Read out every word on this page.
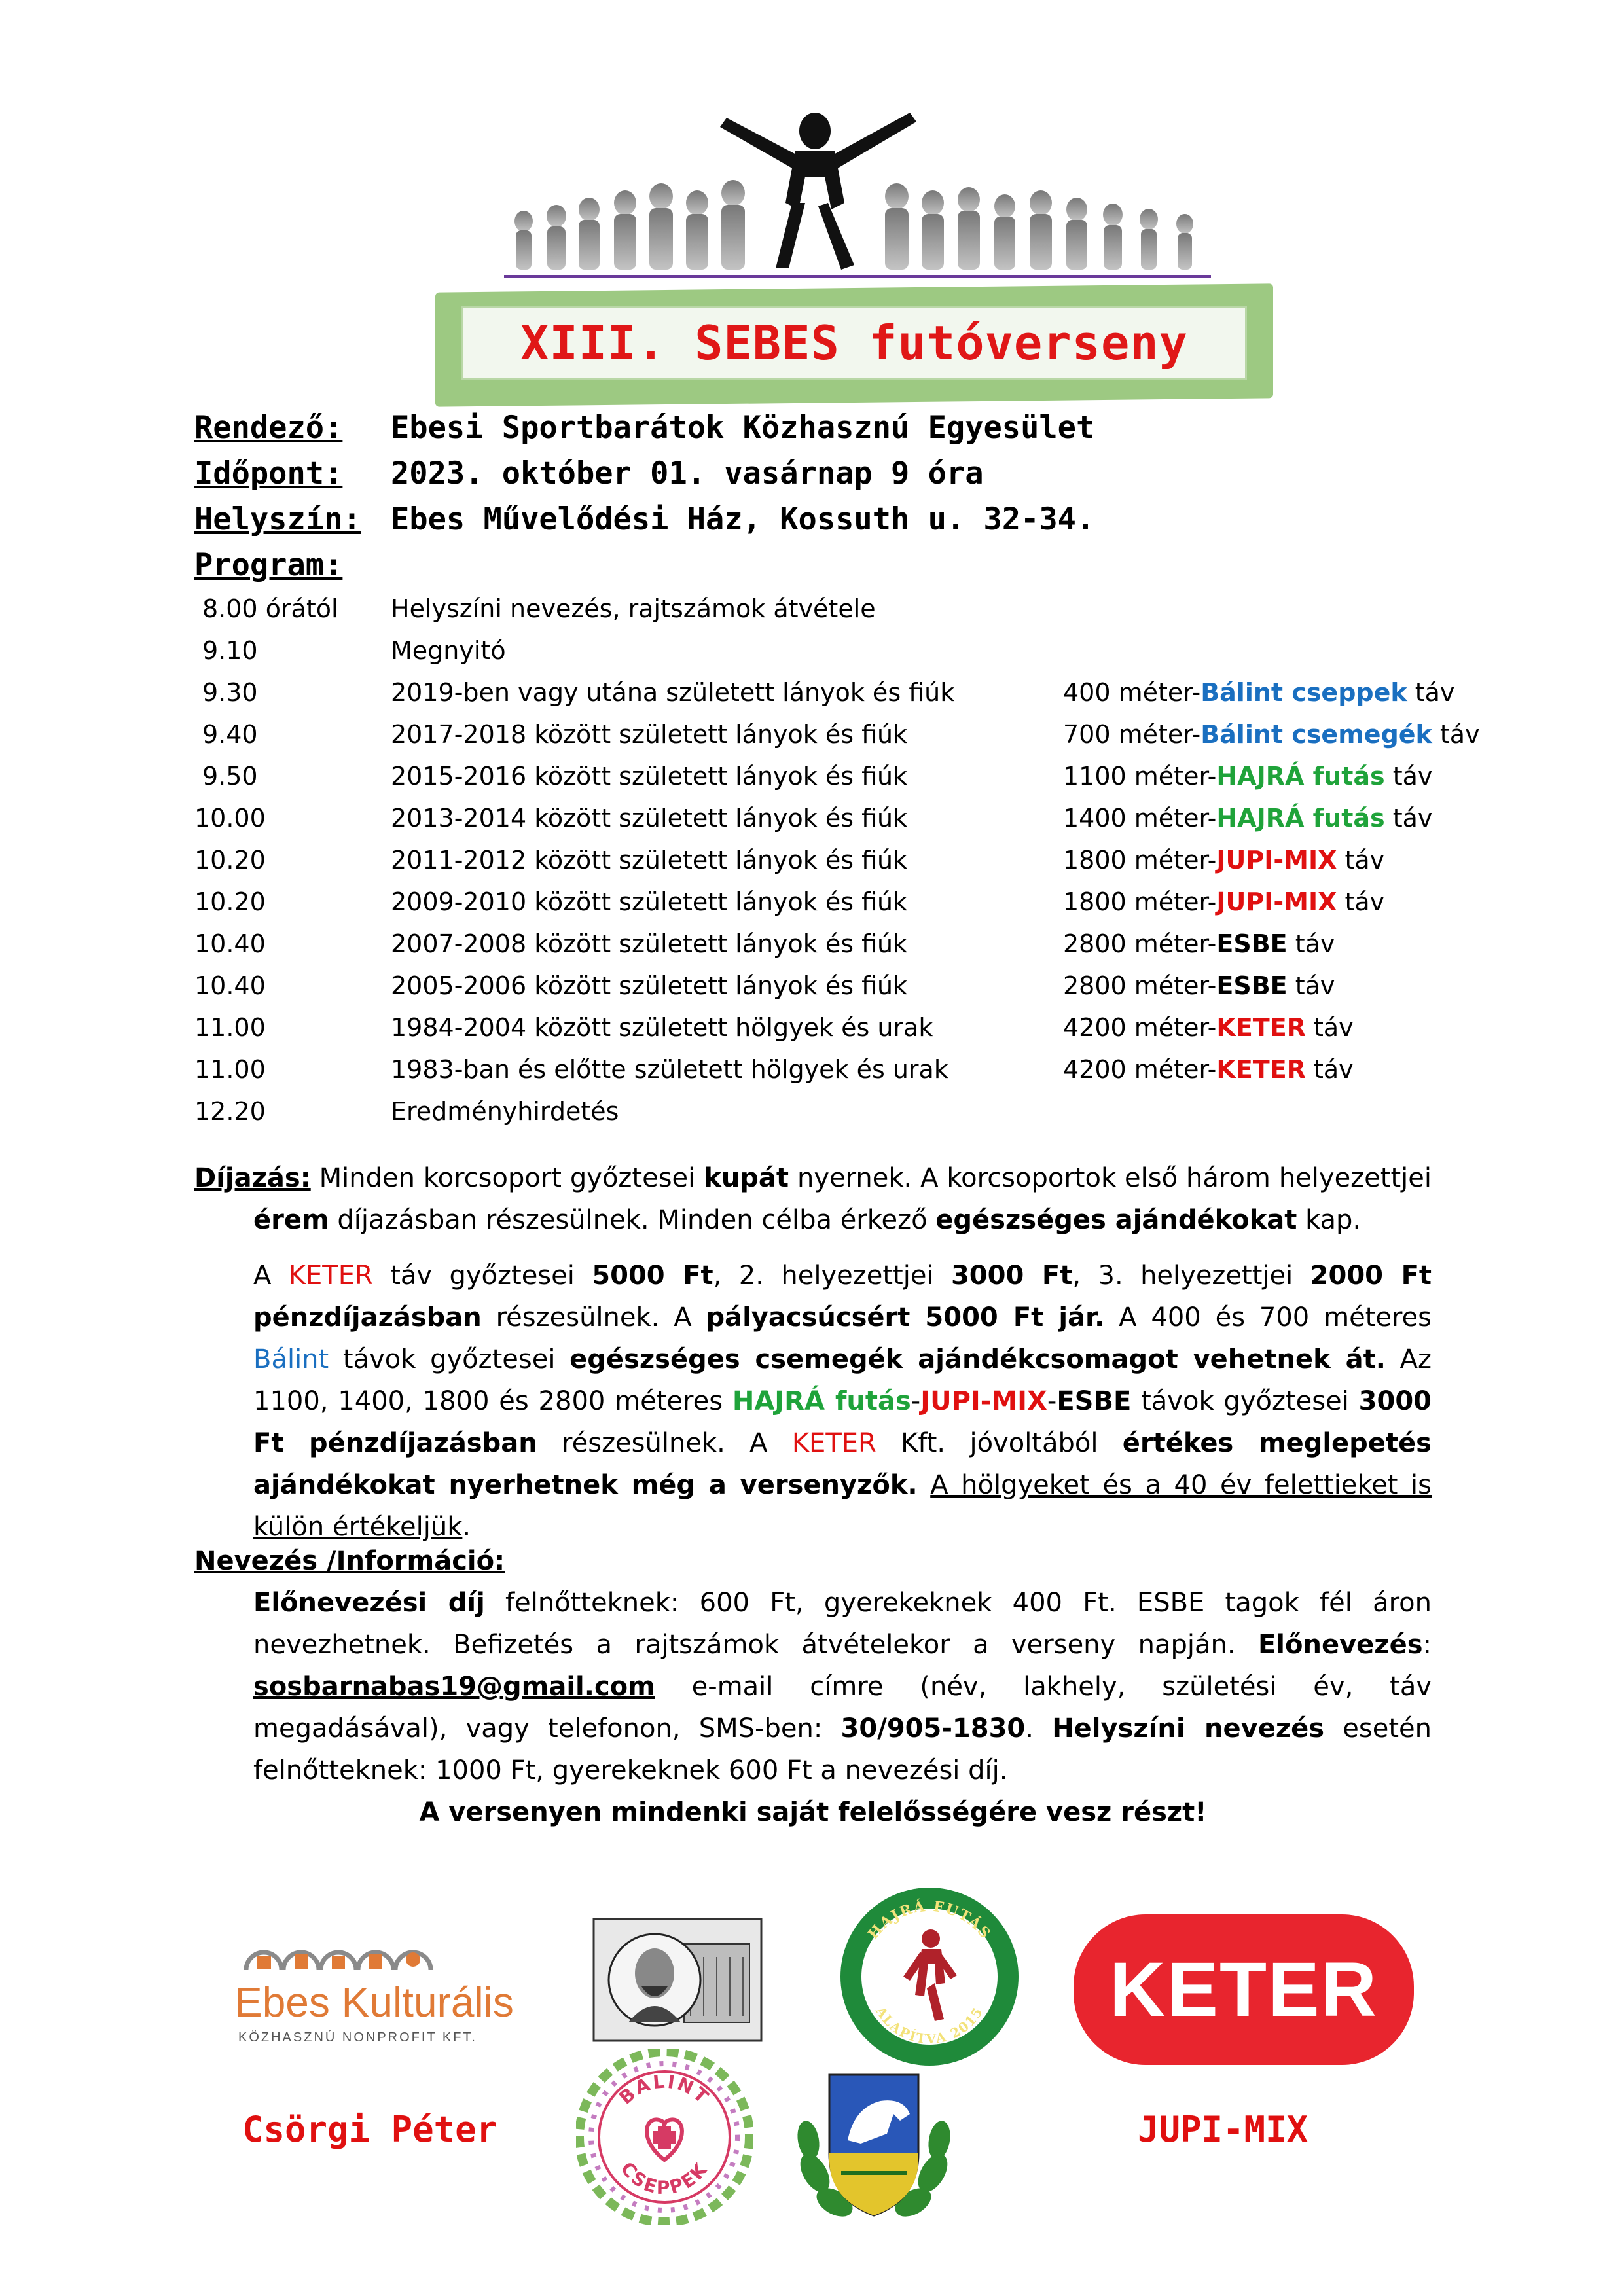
XIII. SEBES futóverseny
Rendező: Ebesi Sportbarátok Közhasznú Egyesület
Időpont: 2023. október 01. vasárnap 9 óra
Helyszín: Ebes Művelődési Ház, Kossuth u. 32-34.
Program:
8.00 órától Helyszíni nevezés, rajtszámok átvétele
9.10	Megnyitó
9.30	2019-ben vagy utána született lányok és fiúk	400 méter-Bálint cseppek táv
9.40	2017-2018 között született lányok és fiúk	700 méter-Bálint csemegék táv
9.50	2015-2016 között született lányok és fiúk	1100 méter-HAJRÁ futás táv
10.00	2013-2014 között született lányok és fiúk	1400 méter-HAJRÁ futás táv
10.20	2011-2012 között született lányok és fiúk	1800 méter-JUPI-MIX táv
10.20	2009-2010 között született lányok és fiúk	1800 méter-JUPI-MIX táv
10.40	2007-2008 között született lányok és fiúk	2800 méter-ESBE táv
10.40	2005-2006 között született lányok és fiúk	2800 méter-ESBE táv
11.00	1984-2004 között született hölgyek és urak	4200 méter-KETER táv
11.00	1983-ban és előtte született hölgyek és urak	4200 méter-KETER táv
12.20	Eredményhirdetés
Díjazás: Minden korcsoport győztesei kupát nyernek. A korcsoportok első három helyezettjei érem díjazásban részesülnek. Minden célba érkező egészséges ajándékokat kap.
A KETER táv győztesei 5000 Ft, 2. helyezettjei 3000 Ft, 3. helyezettjei 2000 Ft pénzdíjazásban részesülnek. A pályacsúcsért 5000 Ft jár. A 400 és 700 méteres Bálint távok győztesei egészséges csemegék ajándékcsomagot vehetnek át. Az 1100, 1400, 1800 és 2800 méteres HAJRÁ futás-JUPI-MIX-ESBE távok győztesei 3000 Ft pénzdíjazásban részesülnek. A KETER Kft. jóvoltából értékes meglepetés ajándékokat nyerhetnek még a versenyzők. A hölgyeket és a 40 év felettieket is külön értékeljük.
Nevezés /Információ:
Előnevezési díj felnőtteknek: 600 Ft, gyerekeknek 400 Ft. ESBE tagok fél áron nevezhetnek. Befizetés a rajtszámok átvételekor a verseny napján. Előnevezés: sosbarnabas19@gmail.com e-mail címre (név, lakhely, születési év, táv megadásával), vagy telefonon, SMS-ben: 30/905-1830. Helyszíni nevezés esetén felnőtteknek: 1000 Ft, gyerekeknek 600 Ft a nevezési díj.
A versenyen mindenki saját felelősségére vesz részt!
Ebes Kulturális
KÖZHASZNÚ NONPROFIT KFT.
HAJRÁ FUTÁS
ALAPÍTVA 2015	KETER
BÁLINT
CSEPPEK
Csörgi Péter	JUPI-MIX
